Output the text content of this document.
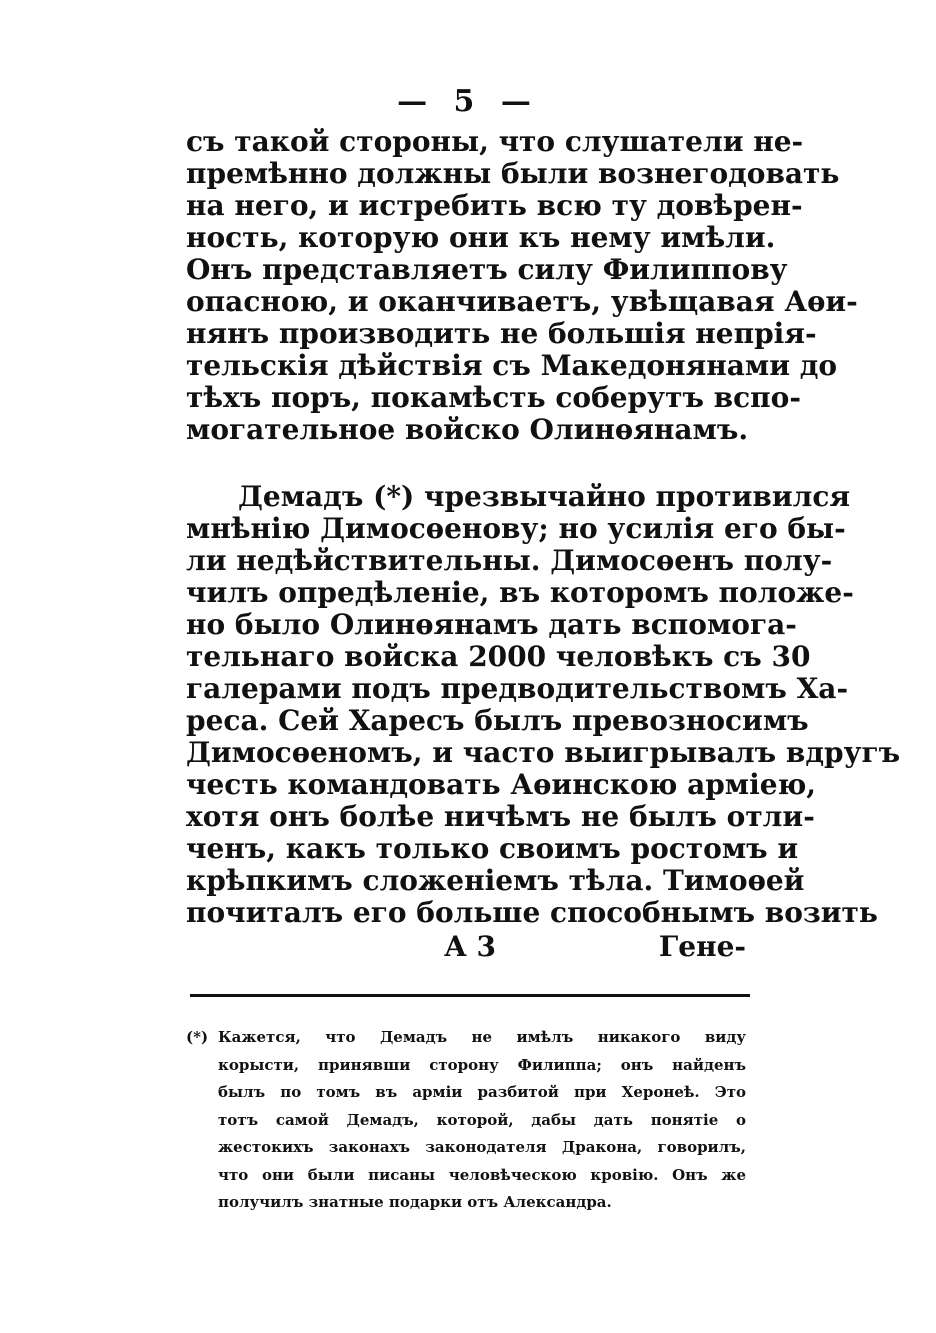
— 5 —
съ такой стороны, что слушатели не-
премѣнно должны были вознегодовать
на него, и истребить всю ту довѣрен-
ность, которую они къ нему имѣли.
Онъ представляетъ силу Филиппову
опасною, и оканчиваетъ, увѣщавая Аѳи-
нянъ производить не большія непрія-
тельскія дѣйствія съ Македонянами до
тѣхъ поръ, покамѣсть соберутъ вспо-
могательное войско Олинѳянамъ.
Демадъ (*) чрезвычайно противился
мнѣнію Димосѳенову; но усилія его бы-
ли недѣйствительны. Димосѳенъ полу-
чилъ опредѣленіе, въ которомъ положе-
но было Олинѳянамъ дать вспомога-
тельнаго войска 2000 человѣкъ съ 30
галерами подъ предводительствомъ Ха-
реса. Сей Харесъ былъ превозносимъ
Димосѳеномъ, и часто выигрывалъ вдругъ
честь командовать Аѳинскою арміею,
хотя онъ болѣе ничѣмъ не былъ отли-
ченъ, какъ только своимъ ростомъ и
крѣпкимъ сложеніемъ тѣла. Тимоѳей
почиталъ его больше способнымъ возить
А 3	Гене-
(*) Кажется, что Демадъ не имѣлъ никакого виду
корысти, принявши сторону Филиппа; онъ найденъ
былъ по томъ въ арміи разбитой при Херонеѣ. Это
тотъ самой Демадъ, которой, дабы дать понятіе о
жестокихъ законахъ законодателя Дракона, говорилъ,
что они были писаны человѣческою кровію. Онъ же
получилъ знатные подарки отъ Александра.
